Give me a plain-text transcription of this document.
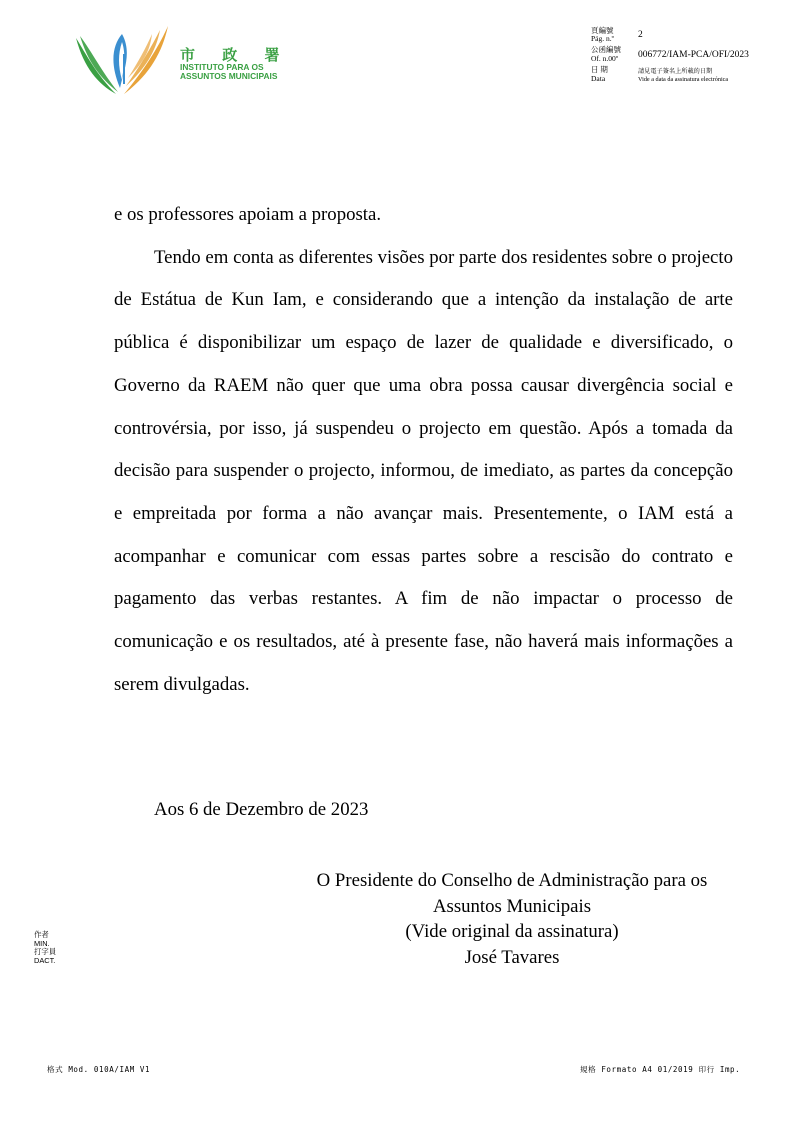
市 政 署
INSTITUTO PARA OS
ASSUNTOS MUNICIPAIS
頁編號
Pág. n.º	2
公函編號
Of. n.00º 006772/IAM-PCA/OFI/2023
日 期
Data
請見電子簽名上所載的日期
Vide a data da assinatura electrónica

e os professores apoiam a proposta.

Tendo em conta as diferentes visões por parte dos residentes sobre o projecto de Estátua de Kun Iam, e considerando que a intenção da instalação de arte pública é disponibilizar um espaço de lazer de qualidade e diversificado, o Governo da RAEM não quer que uma obra possa causar divergência social e controvérsia, por isso, já suspendeu o projecto em questão. Após a tomada da decisão para suspender o projecto, informou, de imediato, as partes da concepção e empreitada por forma a não avançar mais. Presentemente, o IAM está a acompanhar e comunicar com essas partes sobre a rescisão do contrato e pagamento das verbas restantes. A fim de não impactar o processo de comunicação e os resultados, até à presente fase, não haverá mais informações a serem divulgadas.

Aos 6 de Dezembro de 2023
O Presidente do Conselho de Administração para os
Assuntos Municipais
(Vide original da assinatura)
José Tavares
作者
MIN.
打字員
DACT.
格式 Mod. 010A/IAM V1	規格 Formato A4 01/2019 印行 Imp.
